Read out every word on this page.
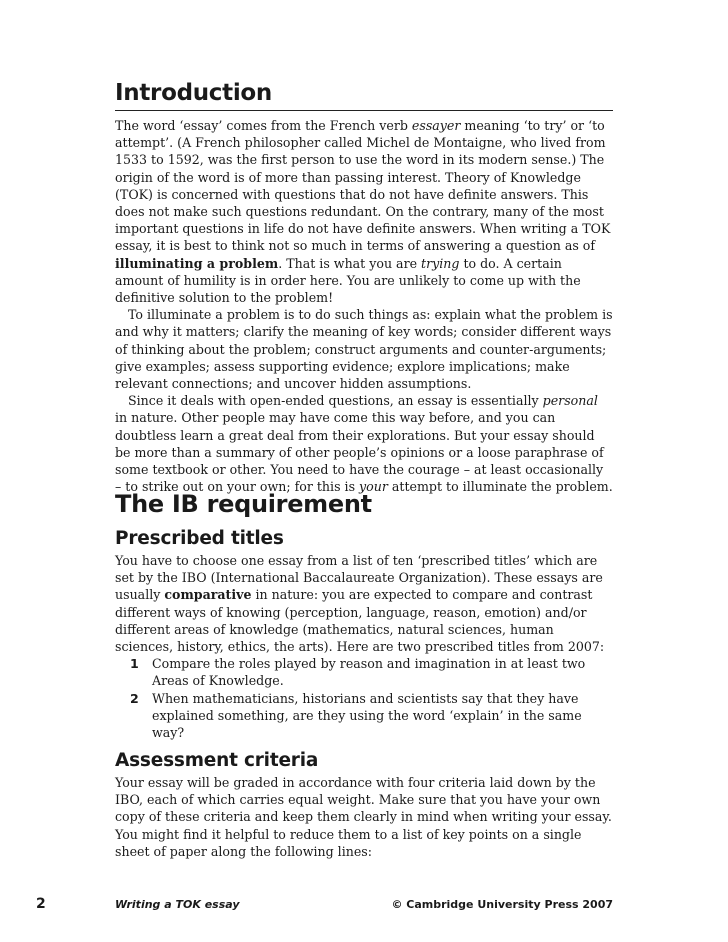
Introduction

The word ‘essay’ comes from the French verb essayer meaning ‘to try’ or ‘to attempt’. (A French philosopher called Michel de Montaigne, who lived from 1533 to 1592, was the first person to use the word in its modern sense.) The origin of the word is of more than passing interest. Theory of Knowledge (TOK) is concerned with questions that do not have definite answers. This does not make such questions redundant. On the contrary, many of the most important questions in life do not have definite answers. When writing a TOK essay, it is best to think not so much in terms of answering a question as of illuminating a problem. That is what you are trying to do. A certain amount of humility is in order here. You are unlikely to come up with the definitive solution to the problem!

To illuminate a problem is to do such things as: explain what the problem is and why it matters; clarify the meaning of key words; consider different ways of thinking about the problem; construct arguments and counter-arguments; give examples; assess supporting evidence; explore implications; make relevant connections; and uncover hidden assumptions.

Since it deals with open-ended questions, an essay is essentially personal in nature. Other people may have come this way before, and you can doubtless learn a great deal from their explorations. But your essay should be more than a summary of other people’s opinions or a loose paraphrase of some textbook or other. You need to have the courage – at least occasionally – to strike out on your own; for this is your attempt to illuminate the problem.

The IB requirement
Prescribed titles

You have to choose one essay from a list of ten ‘prescribed titles’ which are set by the IBO (International Baccalaureate Organization). These essays are usually comparative in nature: you are expected to compare and contrast different ways of knowing (perception, language, reason, emotion) and/or different areas of knowledge (mathematics, natural sciences, human sciences, history, ethics, the arts). Here are two prescribed titles from 2007:

1	Compare the roles played by reason and imagination in at least two Areas of Knowledge.
2	When mathematicians, historians and scientists say that they have explained something, are they using the word ‘explain’ in the same way?
Assessment criteria

Your essay will be graded in accordance with four criteria laid down by the IBO, each of which carries equal weight. Make sure that you have your own copy of these criteria and keep them clearly in mind when writing your essay. You might find it helpful to reduce them to a list of key points on a single sheet of paper along the following lines:

2	Writing a TOK essay	© Cambridge University Press 2007
